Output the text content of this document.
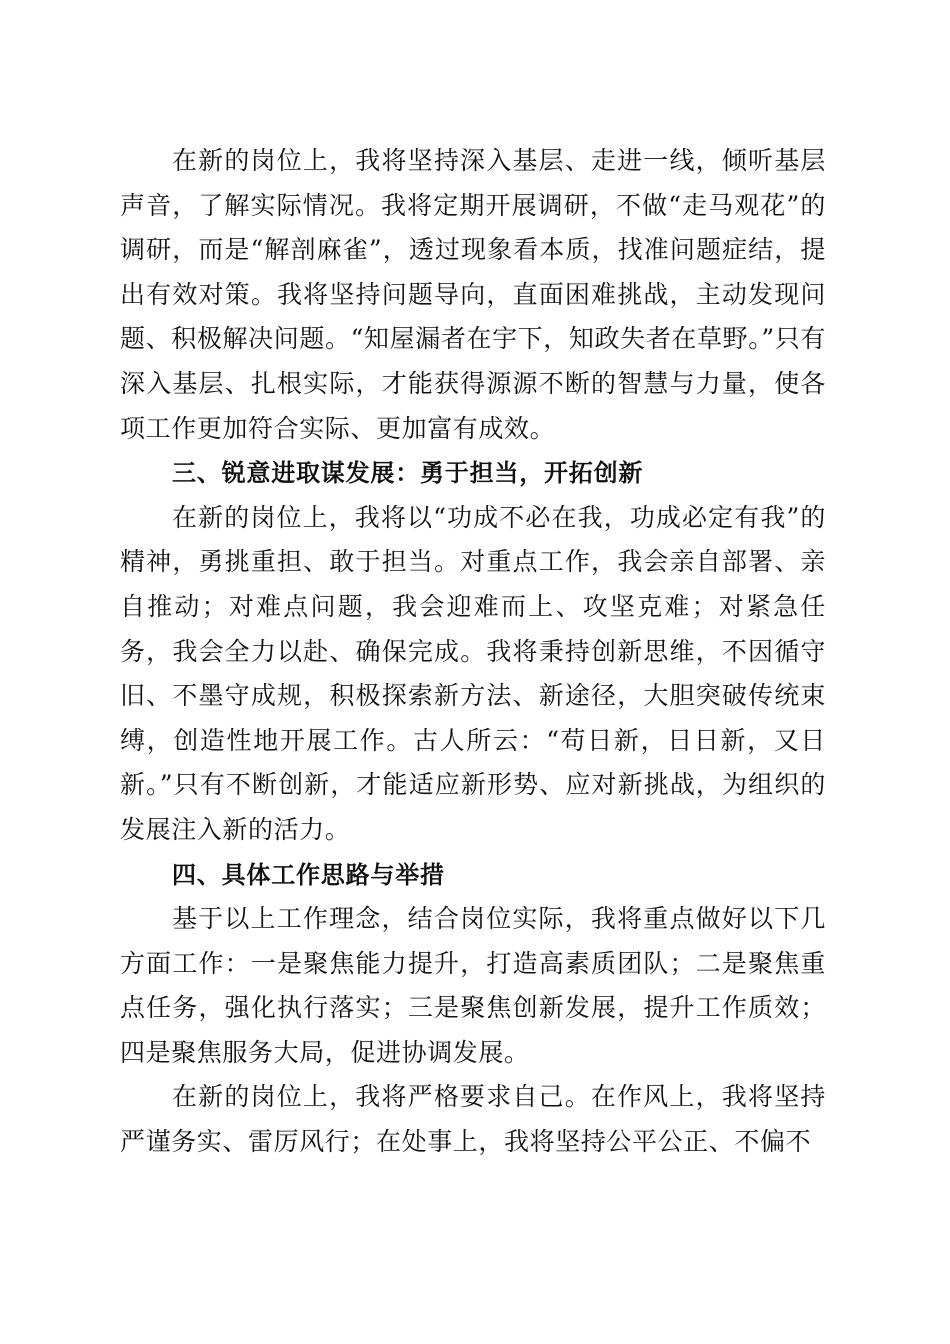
在新的岗位上，我将坚持深入基层、走进一线，倾听基层声音，了解实际情况。我将定期开展调研，不做“走马观花”的调研，而是“解剖麻雀”，透过现象看本质，找准问题症结，提出有效对策。我将坚持问题导向，直面困难挑战，主动发现问题、积极解决问题。“知屋漏者在宇下，知政失者在草野。”只有深入基层、扎根实际，才能获得源源不断的智慧与力量，使各项工作更加符合实际、更加富有成效。

三、锐意进取谋发展：勇于担当，开拓创新

在新的岗位上，我将以“功成不必在我，功成必定有我”的精神，勇挑重担、敢于担当。对重点工作，我会亲自部署、亲自推动；对难点问题，我会迎难而上、攻坚克难；对紧急任务，我会全力以赴、确保完成。我将秉持创新思维，不因循守旧、不墨守成规，积极探索新方法、新途径，大胆突破传统束缚，创造性地开展工作。古人所云：“苟日新，日日新，又日新。”只有不断创新，才能适应新形势、应对新挑战，为组织的发展注入新的活力。

四、具体工作思路与举措

基于以上工作理念，结合岗位实际，我将重点做好以下几方面工作：一是聚焦能力提升，打造高素质团队；二是聚焦重点任务，强化执行落实；三是聚焦创新发展，提升工作质效；四是聚焦服务大局，促进协调发展。

在新的岗位上，我将严格要求自己。在作风上，我将坚持严谨务实、雷厉风行；在处事上，我将坚持公平公正、不偏不
